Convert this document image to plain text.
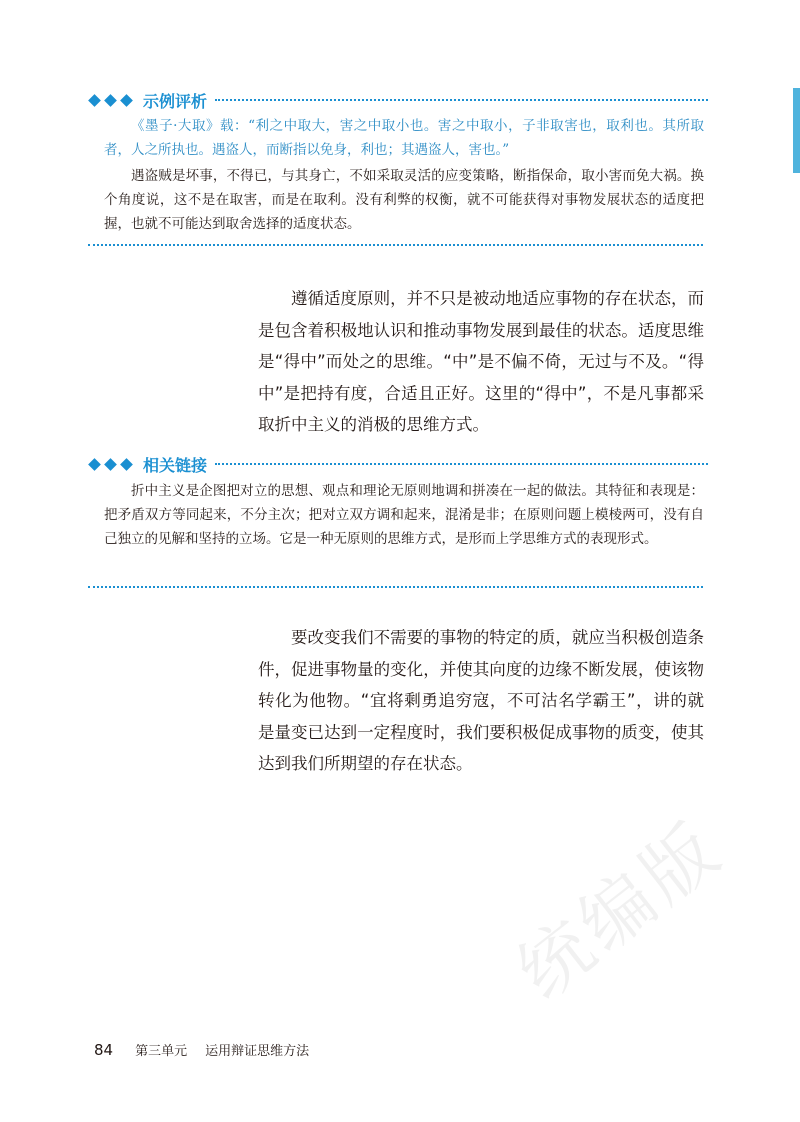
示例评析

《墨子·大取》载：“利之中取大，害之中取小也。害之中取小，子非取害也，取利也。其所取者，人之所执也。遇盗人，而断指以免身，利也；其遇盗人，害也。”

遇盗贼是坏事，不得已，与其身亡，不如采取灵活的应变策略，断指保命，取小害而免大祸。换个角度说，这不是在取害，而是在取利。没有利弊的权衡，就不可能获得对事物发展状态的适度把握，也就不可能达到取舍选择的适度状态。

遵循适度原则，并不只是被动地适应事物的存在状态，而是包含着积极地认识和推动事物发展到最佳的状态。适度思维是“得中”而处之的思维。“中”是不偏不倚，无过与不及。“得中”是把持有度，合适且正好。这里的“得中”，不是凡事都采取折中主义的消极的思维方式。

相关链接

折中主义是企图把对立的思想、观点和理论无原则地调和拼凑在一起的做法。其特征和表现是：把矛盾双方等同起来，不分主次；把对立双方调和起来，混淆是非；在原则问题上模棱两可，没有自己独立的见解和坚持的立场。它是一种无原则的思维方式，是形而上学思维方式的表现形式。

要改变我们不需要的事物的特定的质，就应当积极创造条件，促进事物量的变化，并使其向度的边缘不断发展，使该物转化为他物。“宜将剩勇追穷寇，不可沽名学霸王”，讲的就是量变已达到一定程度时，我们要积极促成事物的质变，使其达到我们所期望的存在状态。

统编版
84 第三单元 运用辩证思维方法
